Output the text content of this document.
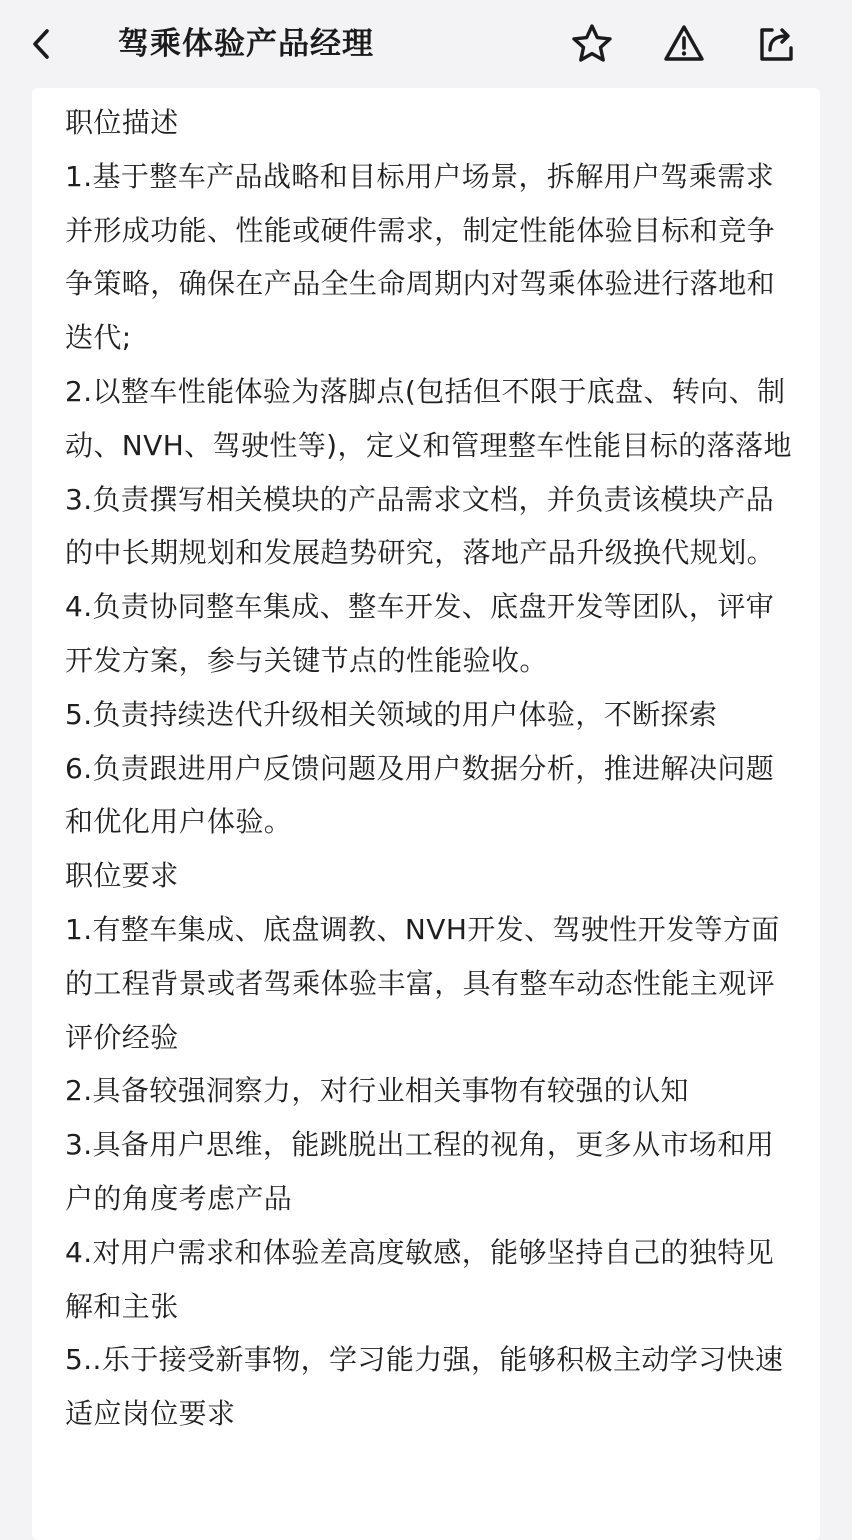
驾乘体验产品经理

职位描述

1.基于整车产品战略和目标用户场景，拆解用户驾乘需求并形成功能、性能或硬件需求，制定性能体验目标和竞争争策略，确保在产品全生命周期内对驾乘体验进行落地和迭代;

2.以整车性能体验为落脚点(包括但不限于底盘、转向、制动、NVH、驾驶性等)，定义和管理整车性能目标的落落地

3.负责撰写相关模块的产品需求文档，并负责该模块产品的中长期规划和发展趋势研究，落地产品升级换代规划。

4.负责协同整车集成、整车开发、底盘开发等团队，评审开发方案，参与关键节点的性能验收。

5.负责持续迭代升级相关领域的用户体验，不断探索

6.负责跟进用户反馈问题及用户数据分析，推进解决问题和优化用户体验。

职位要求

1.有整车集成、底盘调教、NVH开发、驾驶性开发等方面的工程背景或者驾乘体验丰富，具有整车动态性能主观评评价经验

2.具备较强洞察力，对行业相关事物有较强的认知

3.具备用户思维，能跳脱出工程的视角，更多从市场和用户的角度考虑产品

4.对用户需求和体验差高度敏感，能够坚持自己的独特见解和主张

5..乐于接受新事物，学习能力强，能够积极主动学习快速适应岗位要求
